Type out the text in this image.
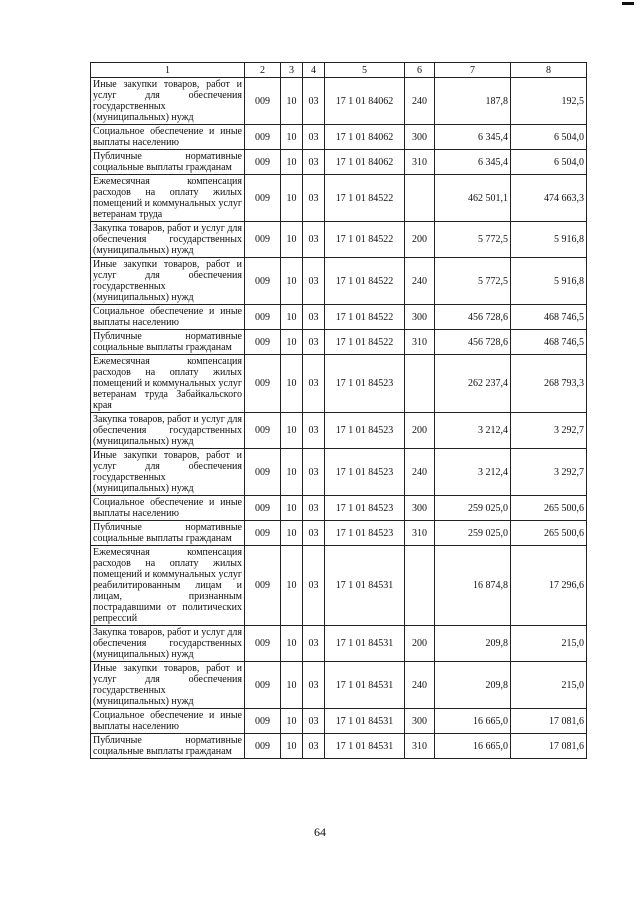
1	2	3	4	5	6	7	8
Иные закупки товаров, работ и услуг для обеспечения государственных (муниципальных) нужд	009	10	03	17 1 01 84062	240	187,8	192,5
Социальное обеспечение и иные выплаты населению	009	10	03	17 1 01 84062	300	6 345,4	6 504,0
Публичные нормативные социальные выплаты гражданам	009	10	03	17 1 01 84062	310	6 345,4	6 504,0
Ежемесячная компенсация расходов на оплату жилых помещений и коммунальных услуг ветеранам труда	009	10	03	17 1 01 84522		462 501,1	474 663,3
Закупка товаров, работ и услуг для обеспечения государственных (муниципальных) нужд	009	10	03	17 1 01 84522	200	5 772,5	5 916,8
Иные закупки товаров, работ и услуг для обеспечения государственных (муниципальных) нужд	009	10	03	17 1 01 84522	240	5 772,5	5 916,8
Социальное обеспечение и иные выплаты населению	009	10	03	17 1 01 84522	300	456 728,6	468 746,5
Публичные нормативные социальные выплаты гражданам	009	10	03	17 1 01 84522	310	456 728,6	468 746,5
Ежемесячная компенсация расходов на оплату жилых помещений и коммунальных услуг ветеранам труда Забайкальского края	009	10	03	17 1 01 84523		262 237,4	268 793,3
Закупка товаров, работ и услуг для обеспечения государственных (муниципальных) нужд	009	10	03	17 1 01 84523	200	3 212,4	3 292,7
Иные закупки товаров, работ и услуг для обеспечения государственных (муниципальных) нужд	009	10	03	17 1 01 84523	240	3 212,4	3 292,7
Социальное обеспечение и иные выплаты населению	009	10	03	17 1 01 84523	300	259 025,0	265 500,6
Публичные нормативные социальные выплаты гражданам	009	10	03	17 1 01 84523	310	259 025,0	265 500,6
Ежемесячная компенсация расходов на оплату жилых помещений и коммунальных услуг реабилитированным лицам и лицам, признанным пострадавшими от политических репрессий	009	10	03	17 1 01 84531		16 874,8	17 296,6
Закупка товаров, работ и услуг для обеспечения государственных (муниципальных) нужд	009	10	03	17 1 01 84531	200	209,8	215,0
Иные закупки товаров, работ и услуг для обеспечения государственных (муниципальных) нужд	009	10	03	17 1 01 84531	240	209,8	215,0
Социальное обеспечение и иные выплаты населению	009	10	03	17 1 01 84531	300	16 665,0	17 081,6
Публичные нормативные социальные выплаты гражданам	009	10	03	17 1 01 84531	310	16 665,0	17 081,6
64
